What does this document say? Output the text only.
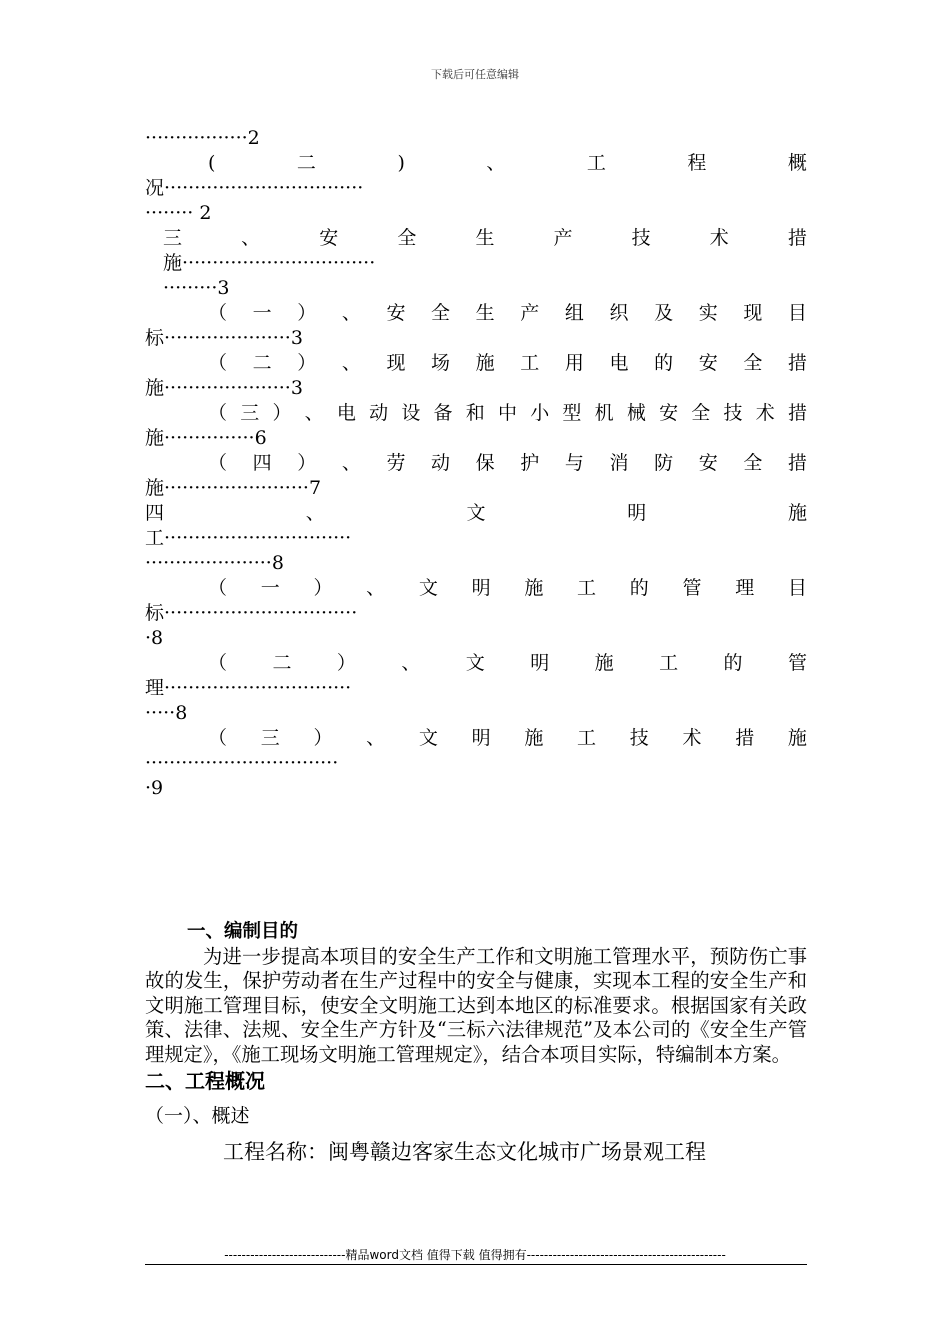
下载后可任意编辑
·················2
(	二	)	、	工	程	概
况·································
········ 2
三	、	安	全	生	产	技	术	措
施································
·········3
（ 一 ） 、 安 全 生 产 组 织 及 实 现 目
标·····················3
（ 二 ） 、 现 场 施 工 用 电 的 安 全 措
施·····················3
（ 三 ） 、 电 动 设 备 和 中 小 型 机 械 安 全 技 术 措
施···············6
（ 四 ） 、 劳 动 保 护 与 消 防 安 全 措
施························7
四	、	文	明	施
工·······························
·····················8
（ 一 ） 、 文 明 施 工 的 管 理 目
标································
·8
（ 二 ） 、 文 明 施 工 的 管
理·······························
·····8
（ 三 ） 、 文 明 施 工 技 术 措 施
································
·9
一、编制目的
为进一步提高本项目的安全生产工作和文明施工管理水平，预防伤亡事故的发生，保护劳动者在生产过程中的安全与健康，实现本工程的安全生产和文明施工管理目标，使安全文明施工达到本地区的标准要求。根据国家有关政策、法律、法规、安全生产方针及“三标六法律规范”及本公司的《安全生产管理规定》，《施工现场文明施工管理规定》，结合本项目实际，特编制本方案。
二、工程概况
（一）、概述
工程名称：闽粤赣边客家生态文化城市广场景观工程
----------------------------精品word文档 值得下载 值得拥有----------------------------------------------
